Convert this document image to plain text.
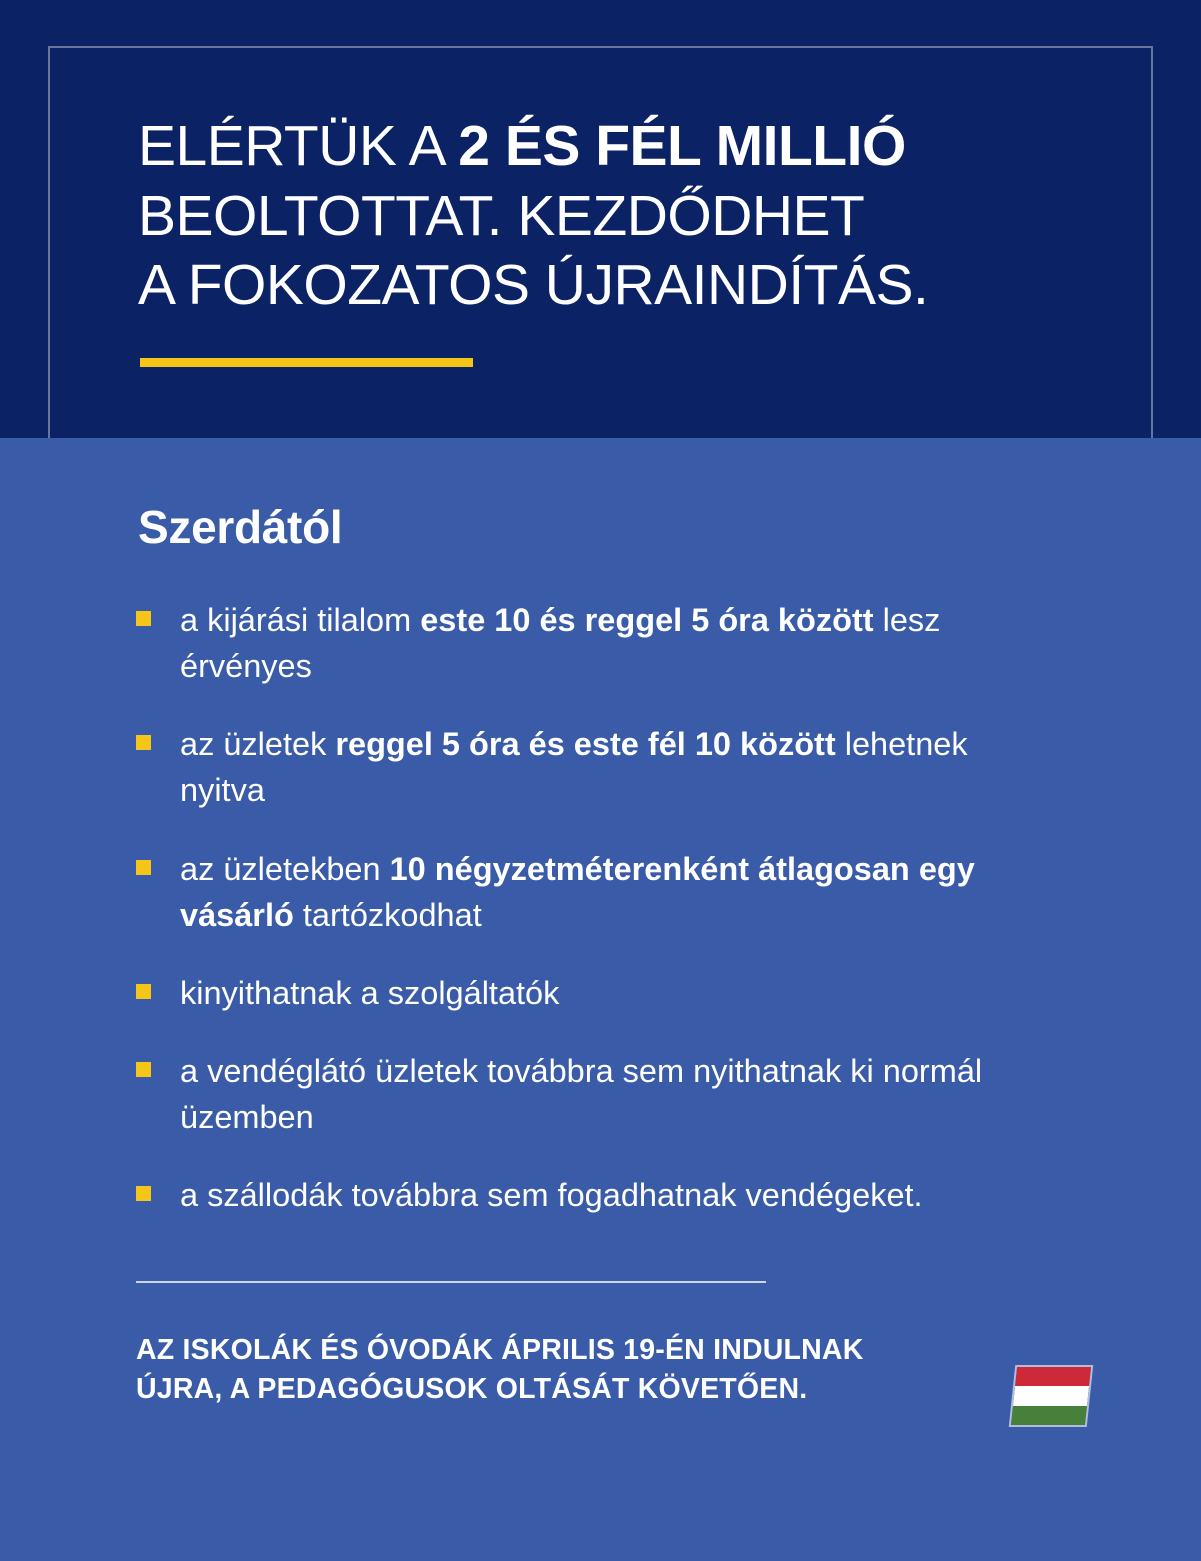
ELÉRTÜK A 2 ÉS FÉL MILLIÓ
BEOLTOTTAT. KEZDŐDHET
A FOKOZATOS ÚJRAINDÍTÁS.
Szerdától
a kijárási tilalom este 10 és reggel 5 óra között lesz érvényes
az üzletek reggel 5 óra és este fél 10 között lehetnek nyitva
az üzletekben 10 négyzetméterenként átlagosan egy vásárló tartózkodhat
kinyithatnak a szolgáltatók
a vendéglátó üzletek továbbra sem nyithatnak ki normál üzemben
a szállodák továbbra sem fogadhatnak vendégeket.
AZ ISKOLÁK ÉS ÓVODÁK ÁPRILIS 19-ÉN INDULNAK ÚJRA, A PEDAGÓGUSOK OLTÁSÁT KÖVETŐEN.
